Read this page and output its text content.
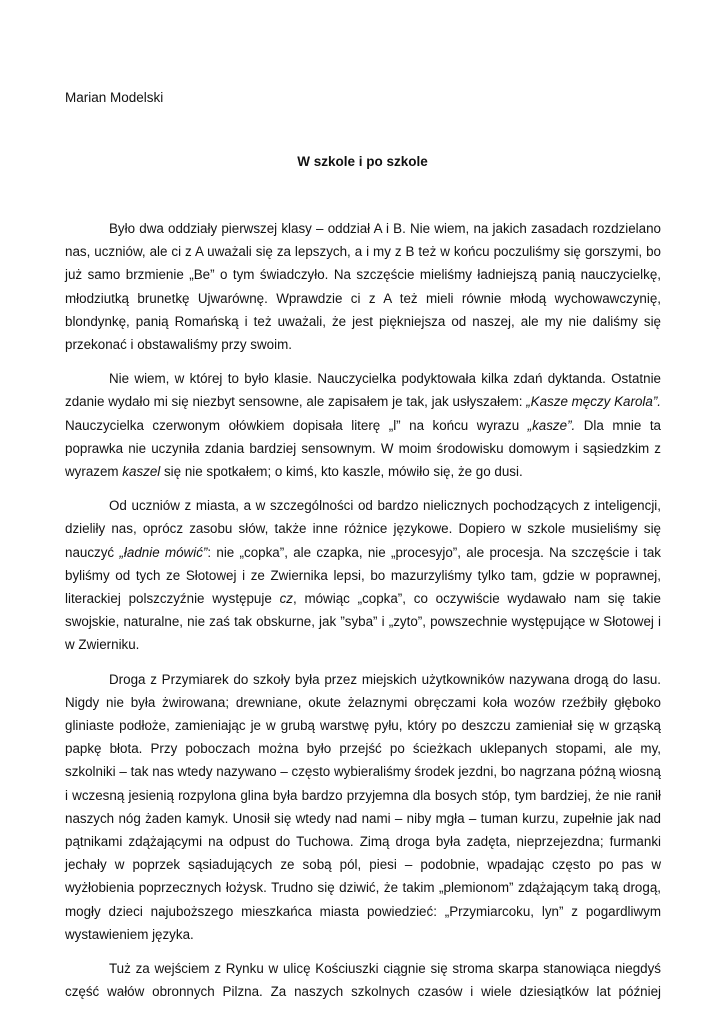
Marian Modelski

W szkole i po szkole

Było dwa oddziały pierwszej klasy – oddział A i B. Nie wiem, na jakich zasadach rozdzielano nas, uczniów, ale ci z A uważali się za lepszych, a i my z B też w końcu poczuliśmy się gorszymi, bo już samo brzmienie „Be” o tym świadczyło. Na szczęście mieliśmy ładniejszą panią nauczycielkę, młodziutką brunetkę Ujwarównę. Wprawdzie ci z A też mieli równie młodą wychowawczynię, blondynkę, panią Romańską i też uważali, że jest piękniejsza od naszej, ale my nie daliśmy się przekonać i obstawaliśmy przy swoim.

Nie wiem, w której to było klasie. Nauczycielka podyktowała kilka zdań dyktanda. Ostatnie zdanie wydało mi się niezbyt sensowne, ale zapisałem je tak, jak usłyszałem: „Kasze męczy Karola”. Nauczycielka czerwonym ołówkiem dopisała literę „l” na końcu wyrazu „kasze”. Dla mnie ta poprawka nie uczyniła zdania bardziej sensownym. W moim środowisku domowym i sąsiedzkim z wyrazem kaszel się nie spotkałem; o kimś, kto kaszle, mówiło się, że go dusi.

Od uczniów z miasta, a w szczególności od bardzo nielicznych pochodzących z inteligencji, dzieliły nas, oprócz zasobu słów, także inne różnice językowe. Dopiero w szkole musieliśmy się nauczyć „ładnie mówić”: nie „copka”, ale czapka, nie „procesyjo”, ale procesja. Na szczęście i tak byliśmy od tych ze Słotowej i ze Zwiernika lepsi, bo mazurzyliśmy tylko tam, gdzie w poprawnej, literackiej polszczyźnie występuje cz, mówiąc „copka”, co oczywiście wydawało nam się takie swojskie, naturalne, nie zaś tak obskurne, jak ”syba” i „zyto”, powszechnie występujące w Słotowej i w Zwierniku.

Droga z Przymiarek do szkoły była przez miejskich użytkowników nazywana drogą do lasu. Nigdy nie była żwirowana; drewniane, okute żelaznymi obręczami koła wozów rzeźbiły głęboko gliniaste podłoże, zamieniając je w grubą warstwę pyłu, który po deszczu zamieniał się w grząską papkę błota. Przy poboczach można było przejść po ścieżkach uklepanych stopami, ale my, szkolniki – tak nas wtedy nazywano – często wybieraliśmy środek jezdni, bo nagrzana późną wiosną i wczesną jesienią rozpylona glina była bardzo przyjemna dla bosych stóp, tym bardziej, że nie ranił naszych nóg żaden kamyk. Unosił się wtedy nad nami – niby mgła – tuman kurzu, zupełnie jak nad pątnikami zdążającymi na odpust do Tuchowa. Zimą droga była zadęta, nieprzejezdna; furmanki jechały w poprzek sąsiadujących ze sobą pól, piesi – podobnie, wpadając często po pas w wyżłobienia poprzecznych łożysk. Trudno się dziwić, że takim „plemionom” zdążającym taką drogą, mogły dzieci najuboższego mieszkańca miasta powiedzieć: „Przymiarcoku, lyn” z pogardliwym wystawieniem języka.

Tuż za wejściem z Rynku w ulicę Kościuszki ciągnie się stroma skarpa stanowiąca niegdyś część wałów obronnych Pilzna. Za naszych szkolnych czasów i wiele dziesiątków lat później
